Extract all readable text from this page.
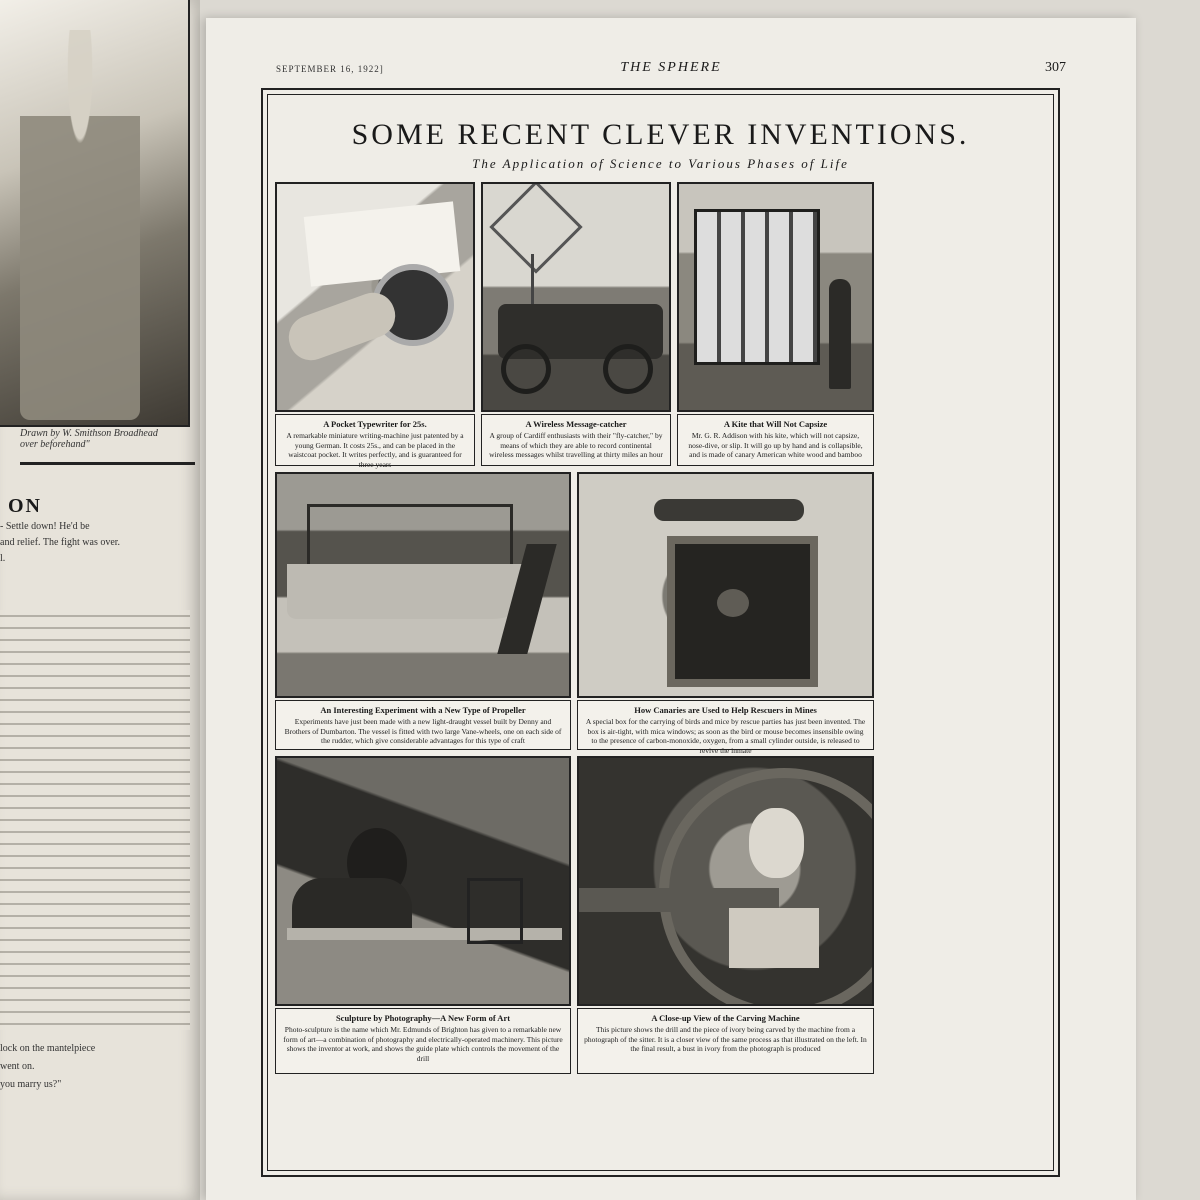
Drawn by W. Smithson Broadhead
over beforehand"
ON

- Settle down! He'd be

and relief. The fight was over.

l.

lock on the mantelpiece

went on.

you marry us?"

SEPTEMBER 16, 1922]	THE SPHERE	307
SOME RECENT CLEVER INVENTIONS.
The Application of Science to Various Phases of Life
A Pocket Typewriter for 25s.
A remarkable miniature writing-machine just patented by a young German. It costs 25s., and can be placed in the waistcoat pocket. It writes perfectly, and is guaranteed for three years
A Wireless Message-catcher
A group of Cardiff enthusiasts with their "fly-catcher," by means of which they are able to record continental wireless messages whilst travelling at thirty miles an hour
A Kite that Will Not Capsize
Mr. G. R. Addison with his kite, which will not capsize, nose-dive, or slip. It will go up by hand and is collapsible, and is made of canary American white wood and bamboo
An Interesting Experiment with a New Type of Propeller
Experiments have just been made with a new light-draught vessel built by Denny and Brothers of Dumbarton. The vessel is fitted with two large Vane-wheels, one on each side of the rudder, which give considerable advantages for this type of craft
How Canaries are Used to Help Rescuers in Mines
A special box for the carrying of birds and mice by rescue parties has just been invented. The box is air-tight, with mica windows; as soon as the bird or mouse becomes insensible owing to the presence of carbon-monoxide, oxygen, from a small cylinder outside, is released to revive the inmate
Sculpture by Photography—A New Form of Art
Photo-sculpture is the name which Mr. Edmunds of Brighton has given to a remarkable new form of art—a combination of photography and electrically-operated machinery. This picture shows the inventor at work, and shows the guide plate which controls the movement of the drill
A Close-up View of the Carving Machine
This picture shows the drill and the piece of ivory being carved by the machine from a photograph of the sitter. It is a closer view of the same process as that illustrated on the left. In the final result, a bust in ivory from the photograph is produced
